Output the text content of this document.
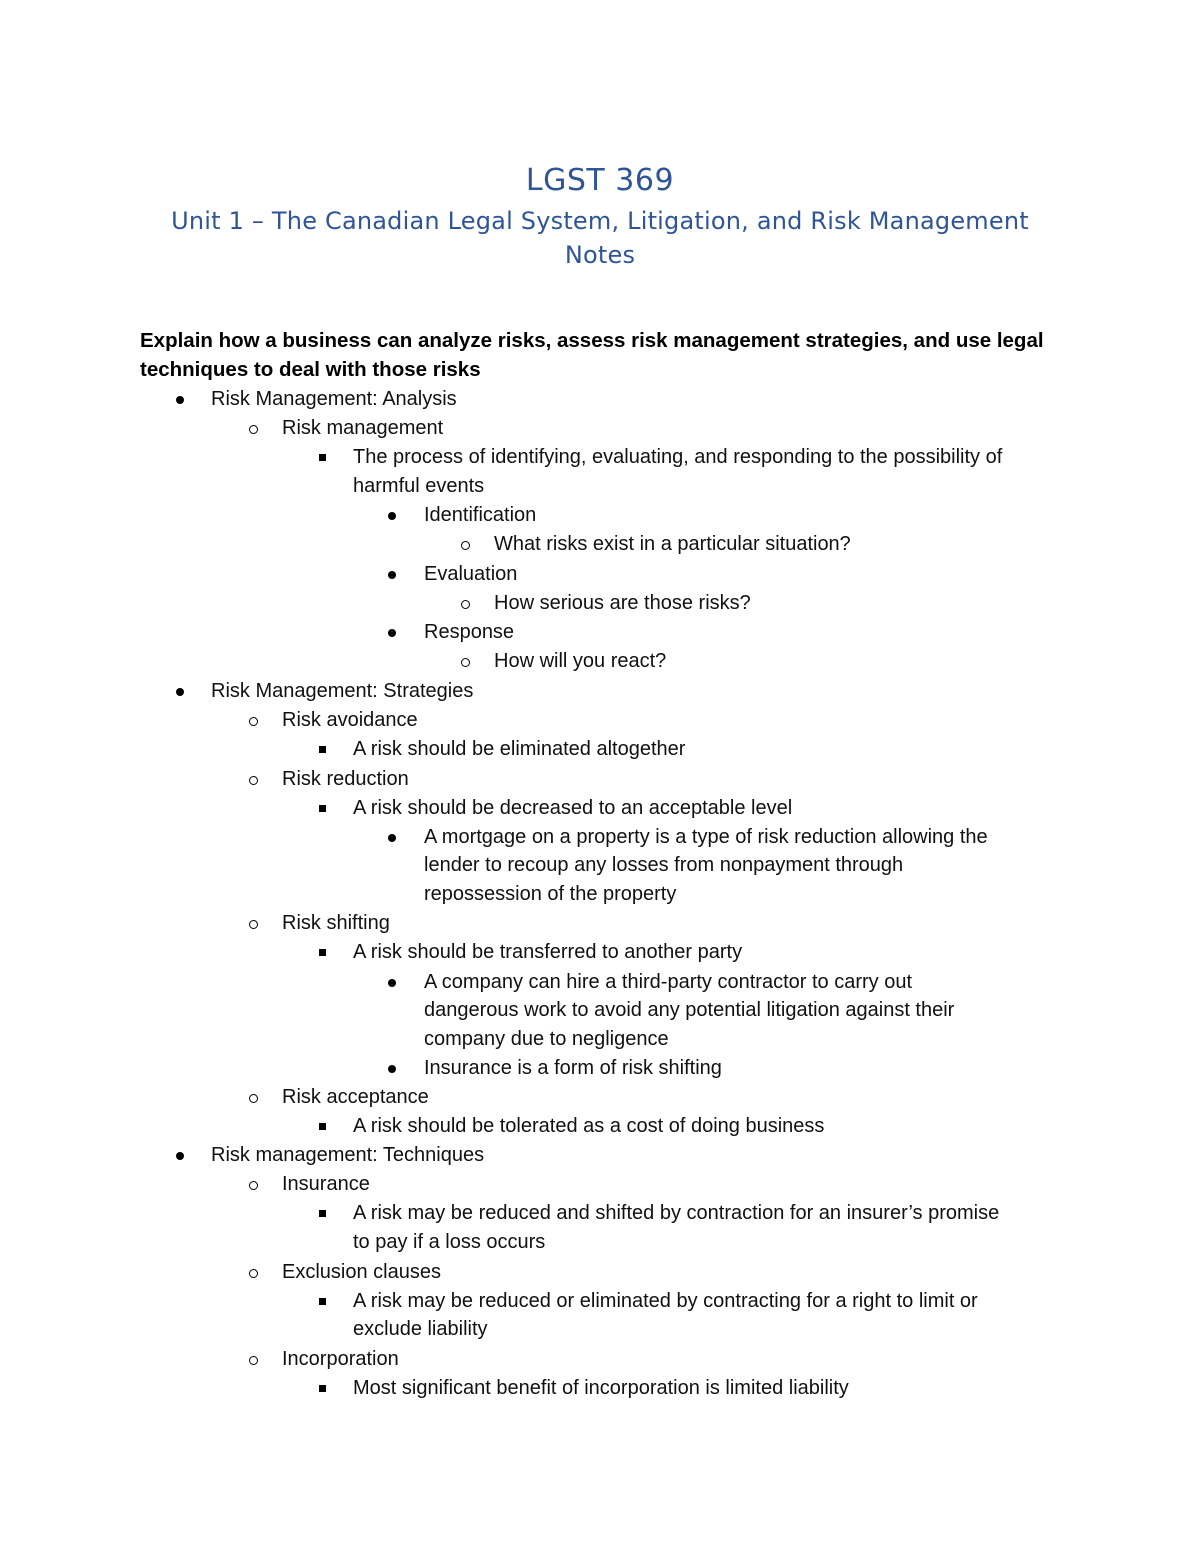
LGST 369
Unit 1 – The Canadian Legal System, Litigation, and Risk Management
Notes
Explain how a business can analyze risks, assess risk management strategies, and use legal
techniques to deal with those risks
Risk Management: Analysis
Risk management
The process of identifying, evaluating, and responding to the possibility of
harmful events
Identification
What risks exist in a particular situation?
Evaluation
How serious are those risks?
Response
How will you react?
Risk Management: Strategies
Risk avoidance
A risk should be eliminated altogether
Risk reduction
A risk should be decreased to an acceptable level
A mortgage on a property is a type of risk reduction allowing the
lender to recoup any losses from nonpayment through
repossession of the property
Risk shifting
A risk should be transferred to another party
A company can hire a third-party contractor to carry out
dangerous work to avoid any potential litigation against their
company due to negligence
Insurance is a form of risk shifting
Risk acceptance
A risk should be tolerated as a cost of doing business
Risk management: Techniques
Insurance
A risk may be reduced and shifted by contraction for an insurer’s promise
to pay if a loss occurs
Exclusion clauses
A risk may be reduced or eliminated by contracting for a right to limit or
exclude liability
Incorporation
Most significant benefit of incorporation is limited liability
